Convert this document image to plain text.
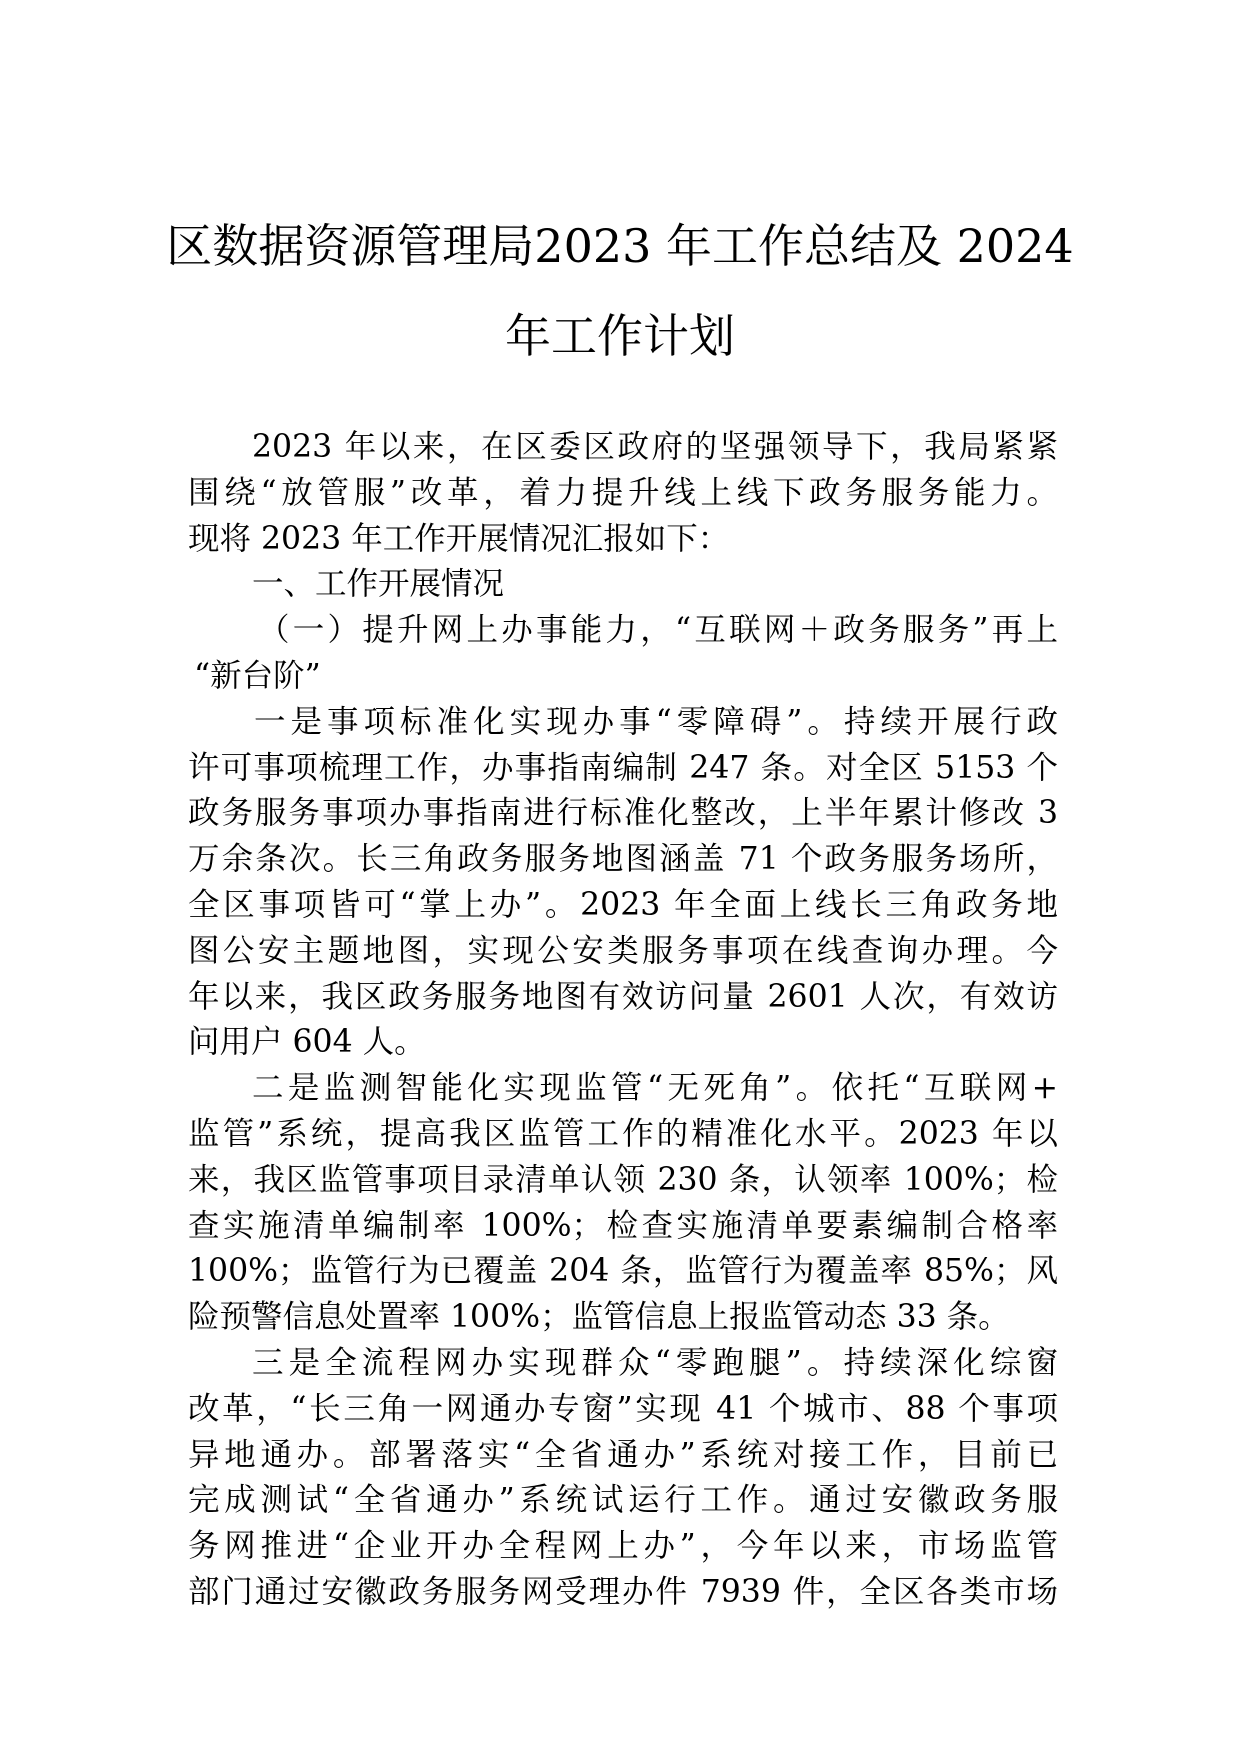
区数据资源管理局2023 年工作总结及 2024
年工作计划
2023 年以来，在区委区政府的坚强领导下，我局紧紧
围绕“放管服”改革，着力提升线上线下政务服务能力。
现将 2023 年工作开展情况汇报如下：
一、工作开展情况
（一）提升网上办事能力，“互联网＋政务服务”再上
“新台阶”
一是事项标准化实现办事“零障碍”。持续开展行政
许可事项梳理工作，办事指南编制 247 条。对全区 5153 个
政务服务事项办事指南进行标准化整改，上半年累计修改 3
万余条次。长三角政务服务地图涵盖 71 个政务服务场所，
全区事项皆可“掌上办”。2023 年全面上线长三角政务地
图公安主题地图，实现公安类服务事项在线查询办理。今
年以来，我区政务服务地图有效访问量 2601 人次，有效访
问用户 604 人。
二是监测智能化实现监管“无死角”。依托“互联网+
监管”系统，提高我区监管工作的精准化水平。2023 年以
来，我区监管事项目录清单认领 230 条，认领率 100%；检
查实施清单编制率 100%；检查实施清单要素编制合格率
100%；监管行为已覆盖 204 条，监管行为覆盖率 85%；风
险预警信息处置率 100%；监管信息上报监管动态 33 条。
三是全流程网办实现群众“零跑腿”。持续深化综窗
改革，“长三角一网通办专窗”实现 41 个城市、88 个事项
异地通办。部署落实“全省通办”系统对接工作，目前已
完成测试“全省通办”系统试运行工作。通过安徽政务服
务网推进“企业开办全程网上办”，今年以来，市场监管
部门通过安徽政务服务网受理办件 7939 件，全区各类市场
